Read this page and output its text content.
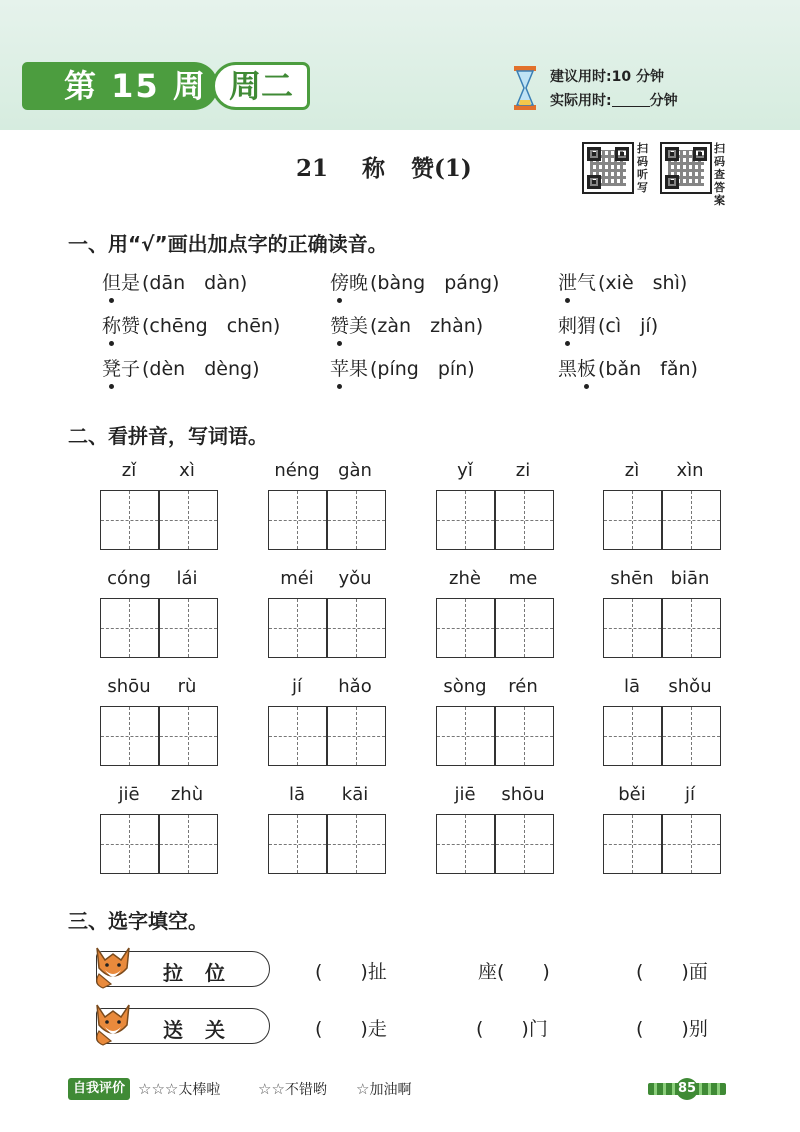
第 15 周 周二	建议用时:10 分钟
实际用时:	分钟
21 称 赞(1)
扫码听写
扫码查答案
一、用“√”画出加点字的正确读音。
但是 (dān　dàn)	傍晚 (bàng　páng)	泄气 (xiè　shì)
称赞 (chēng　chēn)	赞美 (zàn　zhàn)	刺猬 (cì　jí)
凳子 (dèn　dèng)	苹果 (píng　pín)	黑板 (bǎn　fǎn)
二、看拼音，写词语。
zǐ	xì	néng	gàn	yǐ	zi	zì	xìn
cóng	lái	méi	yǒu	zhè	me	shēn biān
shōu	rù	jí	hǎo	sòng	rén	lā	shǒu
jiē	zhù	lā	kāi	jiē	shōu	běi	jí
三、选字填空。
拉位	(　　)扯	座(　　)	(　　)面
送关	(　　)走	(　　)门	(　　)别
自我评价 ☆☆☆太棒啦	☆☆不错哟 ☆加油啊	85
